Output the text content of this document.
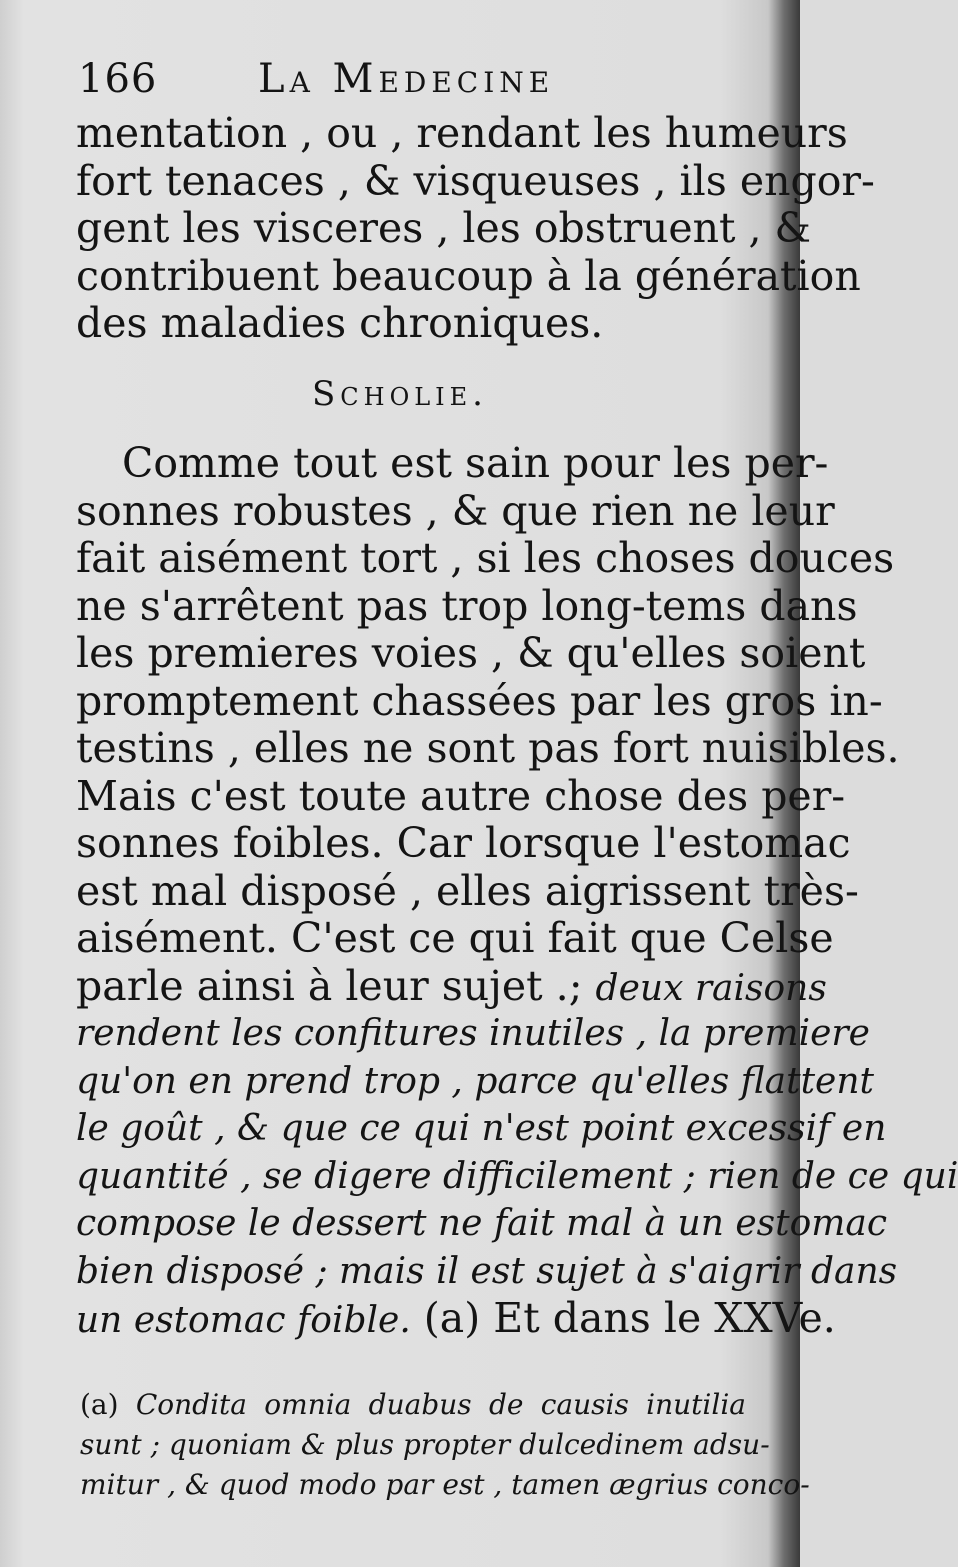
166	La Medecine
mentation , ou , rendant les humeurs
fort tenaces , & visqueuses , ils engor-
gent les visceres , les obstruent , &
contribuent beaucoup à la génération
des maladies chroniques.
Scholie.
Comme tout est sain pour les per-
sonnes robustes , & que rien ne leur
fait aisément tort , si les choses douces
ne s'arrêtent pas trop long-tems dans
les premieres voies , & qu'elles soient
promptement chassées par les gros in-
testins , elles ne sont pas fort nuisibles.
Mais c'est toute autre chose des per-
sonnes foibles. Car lorsque l'estomac
est mal disposé , elles aigrissent très-
aisément. C'est ce qui fait que Celse
parle ainsi à leur sujet .; deux raisons
rendent les confitures inutiles , la premiere
qu'on en prend trop , parce qu'elles flattent
le goût , & que ce qui n'est point excessif en
quantité , se digere difficilement ; rien de ce qui
compose le dessert ne fait mal à un estomac
bien disposé ; mais il est sujet à s'aigrir dans
un estomac foible. (a) Et dans le XXVe.
(a) Condita omnia duabus de causis inutilia
sunt ; quoniam & plus propter dulcedinem adsu-
mitur , & quod modo par est , tamen ægrius conco-
